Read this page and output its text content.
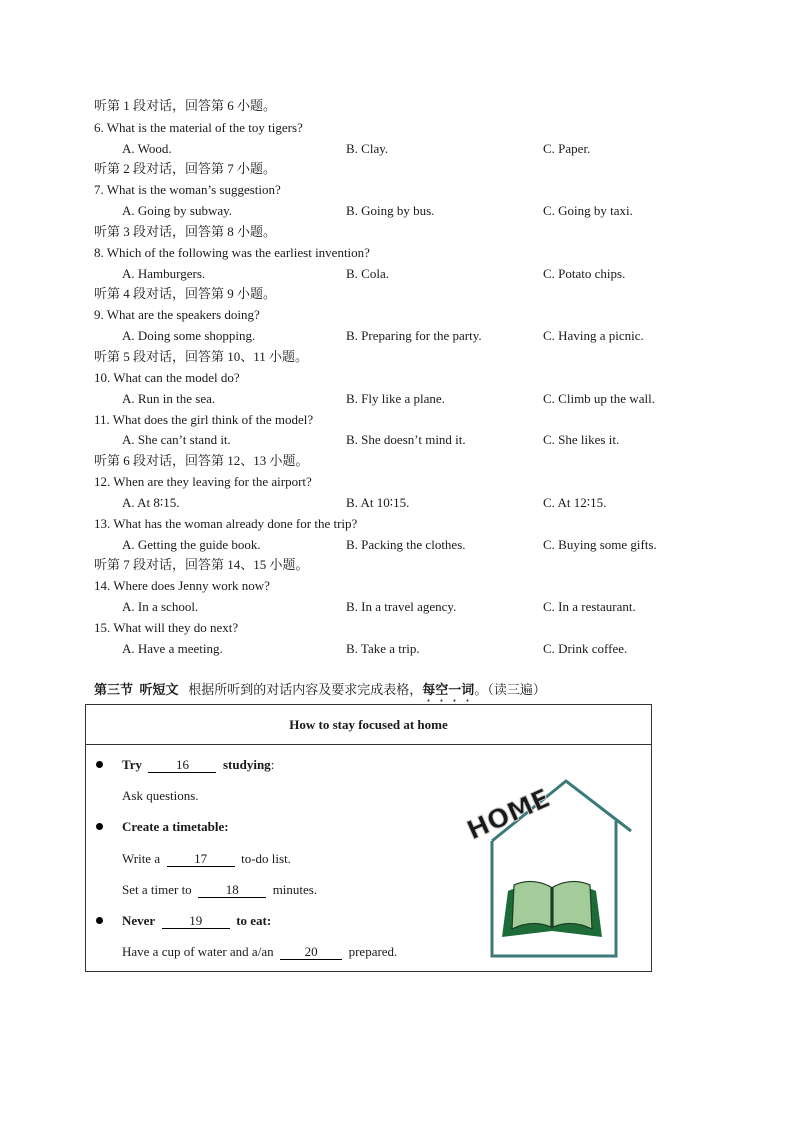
听第 1 段对话，回答第 6 小题。
6. What is the material of the toy tigers?
A. Wood.	B. Clay.	C. Paper.
听第 2 段对话，回答第 7 小题。
7. What is the woman’s suggestion?
A. Going by subway.	B. Going by bus.	C. Going by taxi.
听第 3 段对话，回答第 8 小题。
8. Which of the following was the earliest invention?
A. Hamburgers.	B. Cola.	C. Potato chips.
听第 4 段对话，回答第 9 小题。
9. What are the speakers doing?
A. Doing some shopping.	B. Preparing for the party.	C. Having a picnic.
听第 5 段对话，回答第 10、11 小题。
10. What can the model do?
A. Run in the sea.	B. Fly like a plane.	C. Climb up the wall.
11. What does the girl think of the model?
A. She can’t stand it.	B. She doesn’t mind it.	C. She likes it.
听第 6 段对话，回答第 12、13 小题。
12. When are they leaving for the airport?
A. At 8∶15.	B. At 10∶15.	C. At 12∶15.
13. What has the woman already done for the trip?
A. Getting the guide book.	B. Packing the clothes.	C. Buying some gifts.
听第 7 段对话，回答第 14、15 小题。
14. Where does Jenny work now?
A. In a school.	B. In a travel agency.	C. In a restaurant.
15. What will they do next?
A. Have a meeting.	B. Take a trip.	C. Drink coffee.
第三节 听短文 根据所听到的对话内容及要求完成表格，每空一词。（读三遍）
How to stay focused at home
Try	16	studying:
Ask questions.
Create a timetable:
Write a	17	to-do list.
Set a timer to	18	minutes.
Never	19	to eat:
Have a cup of water and a/an 20 prepared.
HOME
